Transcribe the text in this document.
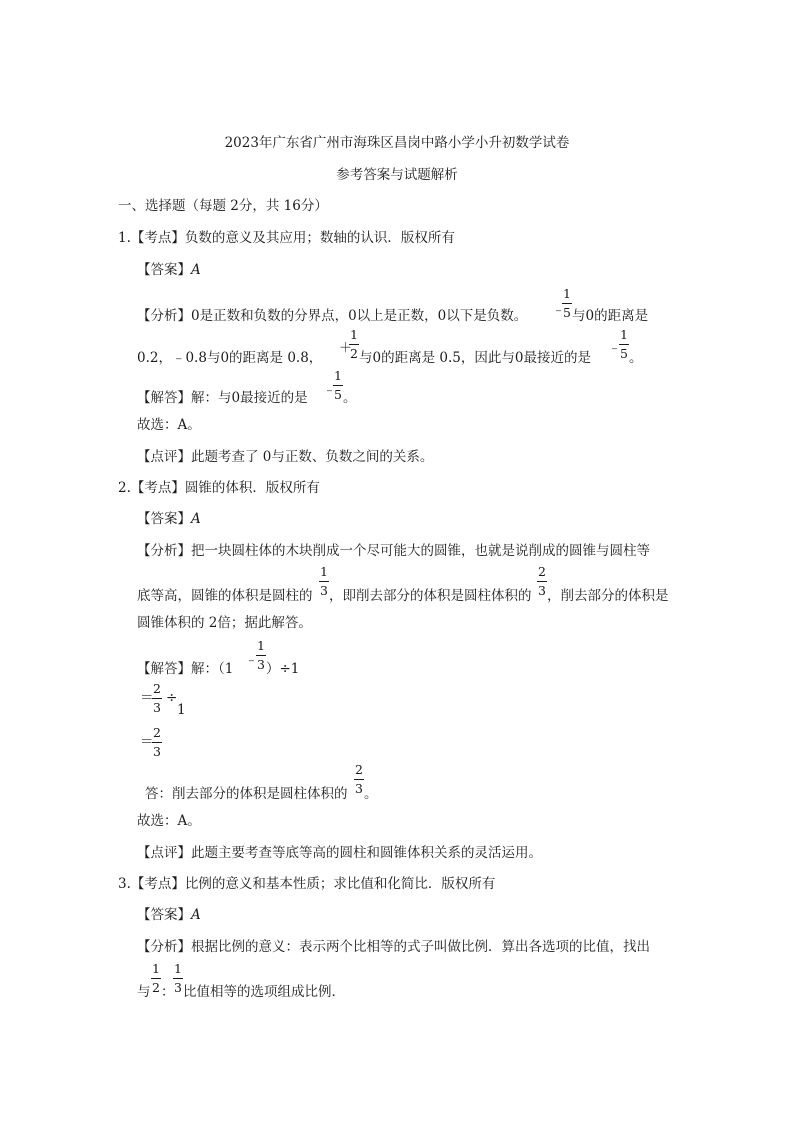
2023年广东省广州市海珠区昌岗中路小学小升初数学试卷
参考答案与试题解析
一、选择题（每题 2分，共 16分）
1.【考点】负数的意义及其应用；数轴的认识．版权所有
【答案】A
【分析】0是正数和负数的分界点，0以上是正数，0以下是负数。 ﹣
1
5 与0的距离是
0.2，﹣0.8与0的距离是 0.8，
＋
1
2 与0的距离是 0.5，因此与0最接近的是
﹣
1
5 。
【解答】解：与0最接近的是 ﹣
1
5 。
故选：A。
【点评】此题考查了 0与正数、负数之间的关系。
2.【考点】圆锥的体积．版权所有
【答案】A
【分析】把一块圆柱体的木块削成一个尽可能大的圆锥，也就是说削成的圆锥与圆柱等
底等高，圆锥的体积是圆柱的
1
3 ，即削去部分的体积是圆柱体积的
2
3 ，削去部分的体积是
圆锥体积的 2倍；据此解答。
【解答】解：（1
﹣
1
3 ）÷1
＝
2
3
÷
1
＝
2
3
答：削去部分的体积是圆柱体积的
2
3 。
故选：A。
【点评】此题主要考查等底等高的圆柱和圆锥体积关系的灵活运用。
3.【考点】比例的意义和基本性质；求比值和化简比．版权所有
【答案】A
【分析】根据比例的意义：表示两个比相等的式子叫做比例．算出各选项的比值，找出
与
1
2 ：
1
3 比值相等的选项组成比例．
